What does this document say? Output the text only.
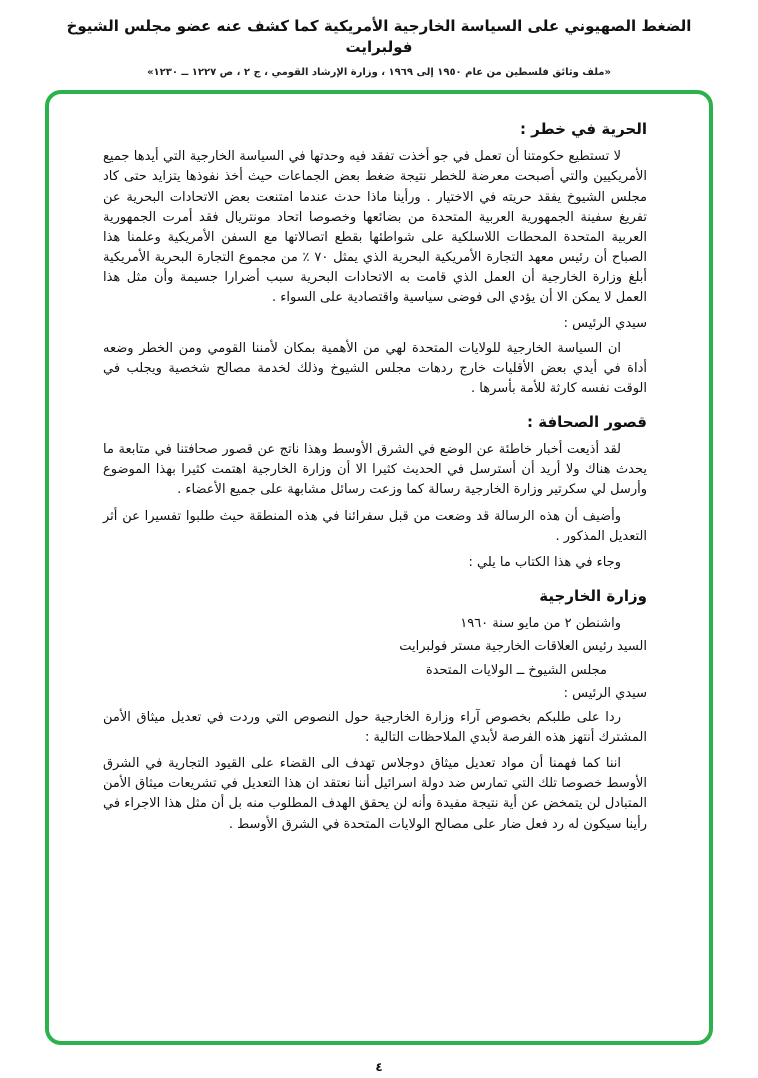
الضغط الصهيوني على السياسة الخارجية الأمريكية كما كشف عنه عضو مجلس الشيوخ فولبرايت
«ملف وثائق فلسطين من عام ١٩٥٠ إلى ١٩٦٩ ، وزارة الإرشاد القومي ، ج ٢ ، ص ١٢٢٧ ــ ١٢٣٠»
الحرية في خطر :

لا تستطيع حكومتنا أن تعمل في جو أخذت تفقد فيه وحدتها في السياسة الخارجية التي أيدها جميع الأمريكيين والتي أصبحت معرضة للخطر نتيجة ضغط بعض الجماعات حيث أخذ نفوذها يتزايد حتى كاد مجلس الشيوخ يفقد حريته في الاختيار . ورأينا ماذا حدث عندما امتنعت بعض الاتحادات البحرية عن تفريغ سفينة الجمهورية العربية المتحدة من بضائعها وخصوصا اتحاد مونتريال فقد أمرت الجمهورية العربية المتحدة المحطات اللاسلكية على شواطئها بقطع اتصالاتها مع السفن الأمريكية وعلمنا هذا الصباح أن رئيس معهد التجارة الأمريكية البحرية الذي يمثل ٧٠ ٪ من مجموع التجارة البحرية الأمريكية أبلغ وزارة الخارجية أن العمل الذي قامت به الاتحادات البحرية سبب أضرارا جسيمة وأن مثل هذا العمل لا يمكن الا أن يؤدي الى فوضى سياسية واقتصادية على السواء .

سيدي الرئيس :

ان السياسة الخارجية للولايات المتحدة لهي من الأهمية بمكان لأمننا القومي ومن الخطر وضعه أداة في أيدي بعض الأقليات خارج ردهات مجلس الشيوخ وذلك لخدمة مصالح شخصية ويجلب في الوقت نفسه كارثة للأمة بأسرها .

قصور الصحافة :

لقد أذيعت أخبار خاطئة عن الوضع في الشرق الأوسط وهذا ناتج عن قصور صحافتنا في متابعة ما يحدث هناك ولا أريد أن أسترسل في الحديث كثيرا الا أن وزارة الخارجية اهتمت كثيرا بهذا الموضوع وأرسل لي سكرتير وزارة الخارجية رسالة كما وزعت رسائل مشابهة على جميع الأعضاء .

وأضيف أن هذه الرسالة قد وضعت من قبل سفرائنا في هذه المنطقة حيث طلبوا تفسيرا عن أثر التعديل المذكور .

وجاء في هذا الكتاب ما يلي :

وزارة الخارجية
واشنطن ٢ من مايو سنة ١٩٦٠
السيد رئيس العلاقات الخارجية مستر فولبرايت
مجلس الشيوخ ــ الولايات المتحدة
سيدي الرئيس :

ردا على طلبكم بخصوص آراء وزارة الخارجية حول النصوص التي وردت في تعديل ميثاق الأمن المشترك أنتهز هذه الفرصة لأبدي الملاحظات التالية :

اننا كما فهمنا أن مواد تعديل ميثاق دوجلاس تهدف الى القضاء على القيود التجارية في الشرق الأوسط خصوصا تلك التي تمارس ضد دولة اسرائيل أننا نعتقد ان هذا التعديل في تشريعات ميثاق الأمن المتبادل لن يتمخض عن أية نتيجة مفيدة وأنه لن يحقق الهدف المطلوب منه بل أن مثل هذا الاجراء في رأينا سيكون له رد فعل ضار على مصالح الولايات المتحدة في الشرق الأوسط .

٤
